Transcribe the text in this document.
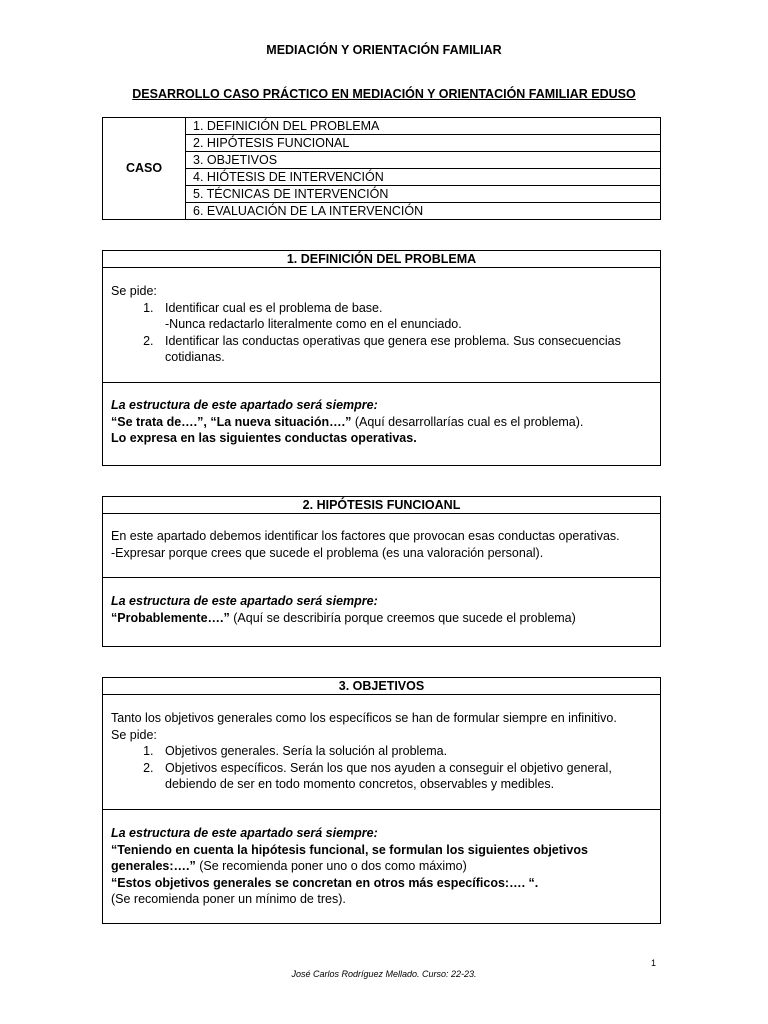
MEDIACIÓN Y ORIENTACIÓN FAMILIAR
DESARROLLO CASO PRÁCTICO EN MEDIACIÓN Y ORIENTACIÓN FAMILIAR EDUSO
CASO	1. DEFINICIÓN DEL PROBLEMA
2. HIPÓTESIS FUNCIONAL
3. OBJETIVOS
4. HIÓTESIS DE INTERVENCIÓN
5. TÉCNICAS DE INTERVENCIÓN
6. EVALUACIÓN DE LA INTERVENCIÓN
1. DEFINICIÓN DEL PROBLEMA
Se pide:
1. Identificar cual es el problema de base.
-Nunca redactarlo literalmente como en el enunciado.
2. Identificar las conductas operativas que genera ese problema. Sus consecuencias cotidianas.
La estructura de este apartado será siempre:
“Se trata de….”, “La nueva situación….” (Aquí desarrollarías cual es el problema).
Lo expresa en las siguientes conductas operativas.
2. HIPÓTESIS FUNCIOANL
En este apartado debemos identificar los factores que provocan esas conductas operativas.
-Expresar porque crees que sucede el problema (es una valoración personal).
La estructura de este apartado será siempre:
“Probablemente….” (Aquí se describiría porque creemos que sucede el problema)
3. OBJETIVOS
Tanto los objetivos generales como los específicos se han de formular siempre en infinitivo.
Se pide:
1. Objetivos generales. Sería la solución al problema.
2. Objetivos específicos. Serán los que nos ayuden a conseguir el objetivo general, debiendo de ser en todo momento concretos, observables y medibles.
La estructura de este apartado será siempre:
“Teniendo en cuenta la hipótesis funcional, se formulan los siguientes objetivos generales:….” (Se recomienda poner uno o dos como máximo)
“Estos objetivos generales se concretan en otros más específicos:…. “.
(Se recomienda poner un mínimo de tres).
1
José Carlos Rodríguez Mellado. Curso: 22-23.
